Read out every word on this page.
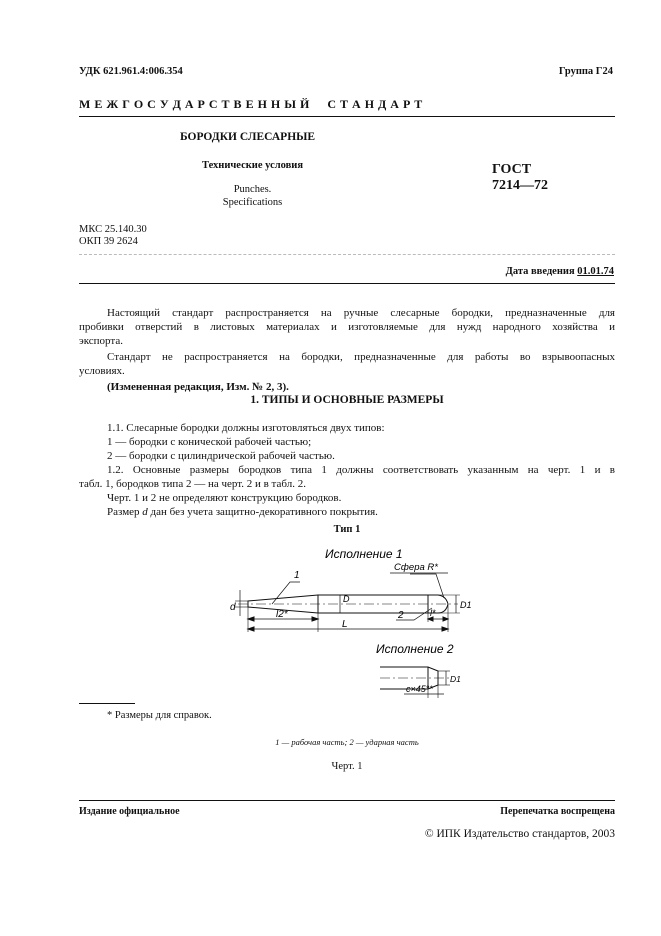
УДК 621.961.4:006.354	Группа Г24
М Е Ж Г О С У Д А Р С Т В Е Н Н Ы Й     С Т А Н Д А Р Т
БОРОДКИ СЛЕСАРНЫЕ
Технические условия
Punches.
Specifications
ГОСТ
7214—72
МКС 25.140.30
ОКП 39 2624
Дата введения 01.01.74
Настоящий стандарт распространяется на ручные слесарные бородки, предназначенные для
пробивки отверстий в листовых материалах и изготовляемые для нужд народного хозяйства и
экспорта.
Стандарт не распространяется на бородки, предназначенные для работы во взрывоопасных
условиях.
(Измененная редакция, Изм. № 2, 3).
1. ТИПЫ И ОСНОВНЫЕ РАЗМЕРЫ
1.1. Слесарные бородки должны изготовляться двух типов:
1 — бородки с конической рабочей частью;
2 — бородки с цилиндрической рабочей частью.
1.2. Основные размеры бородков типа 1 должны соответствовать указанным на черт. 1 и в
табл. 1, бородков типа 2 — на черт. 2 и в табл. 2.
Черт. 1 и 2 не определяют конструкцию бородков.
Размер d дан без учета защитно-декоративного покрытия.
Тип 1
Исполнение 1
Сфера R*
1
2
d
D
D1
l2*	l*
L
Исполнение 2
c×45°*
D1
* Размеры для справок.
1 — рабочая часть; 2 — ударная часть
Черт. 1
Издание официальное	Перепечатка воспрещена
© ИПК Издательство стандартов, 2003
